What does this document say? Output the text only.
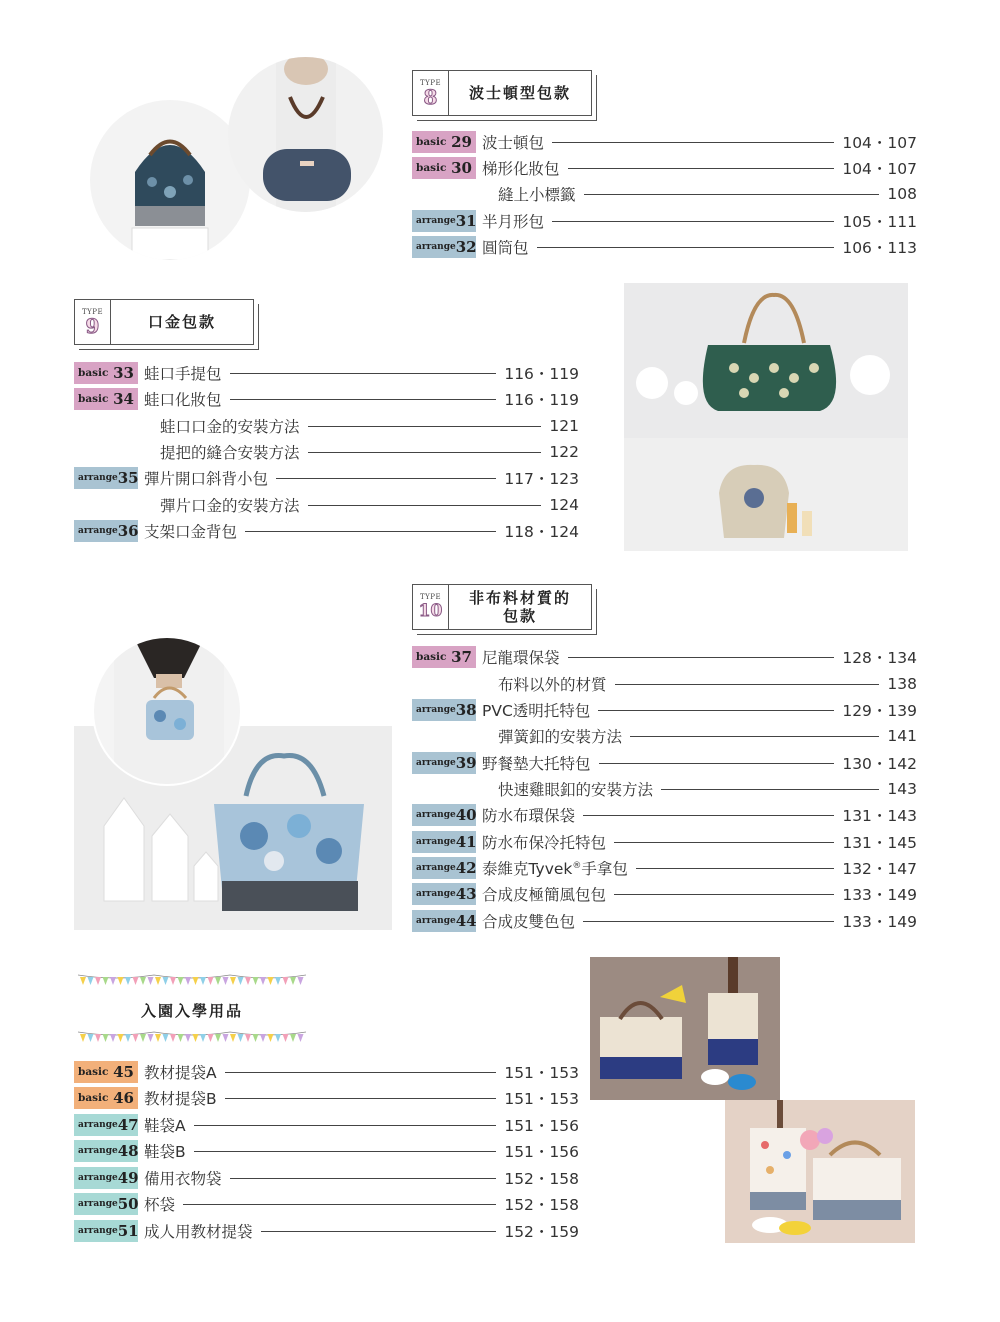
TYPE
8	波士頓型包款
basic 29 波士頓包	104・107
basic 30 梯形化妝包	104・107
縫上小標籤	108
arrange 31 半月形包	105・111
arrange 32 圓筒包	106・113
TYPE
9	口金包款
basic 33 蛙口手提包	116・119
basic 34 蛙口化妝包	116・119
蛙口口金的安裝方法	121
提把的縫合安裝方法	122
arrange 35 彈片開口斜背小包	117・123
彈片口金的安裝方法	124
arrange 36 支架口金背包	118・124
TYPE
10
非布料材質的
包款
basic 37 尼龍環保袋	128・134
布料以外的材質	138
arrange 38 PVC透明托特包	129・139
彈簧釦的安裝方法	141
arrange 39 野餐墊大托特包	130・142
快速雞眼釦的安裝方法	143
arrange 40 防水布環保袋	131・143
arrange 41 防水布保冷托特包	131・145
arrange 42 泰維克Tyvek®手拿包	132・147
arrange 43 合成皮極簡風包包	133・149
arrange 44 合成皮雙色包	133・149
入園入學用品
basic 45 教材提袋A	151・153
basic 46 教材提袋B	151・153
arrange 47 鞋袋A	151・156
arrange 48 鞋袋B	151・156
arrange 49 備用衣物袋	152・158
arrange 50 杯袋	152・158
arrange 51 成人用教材提袋	152・159
